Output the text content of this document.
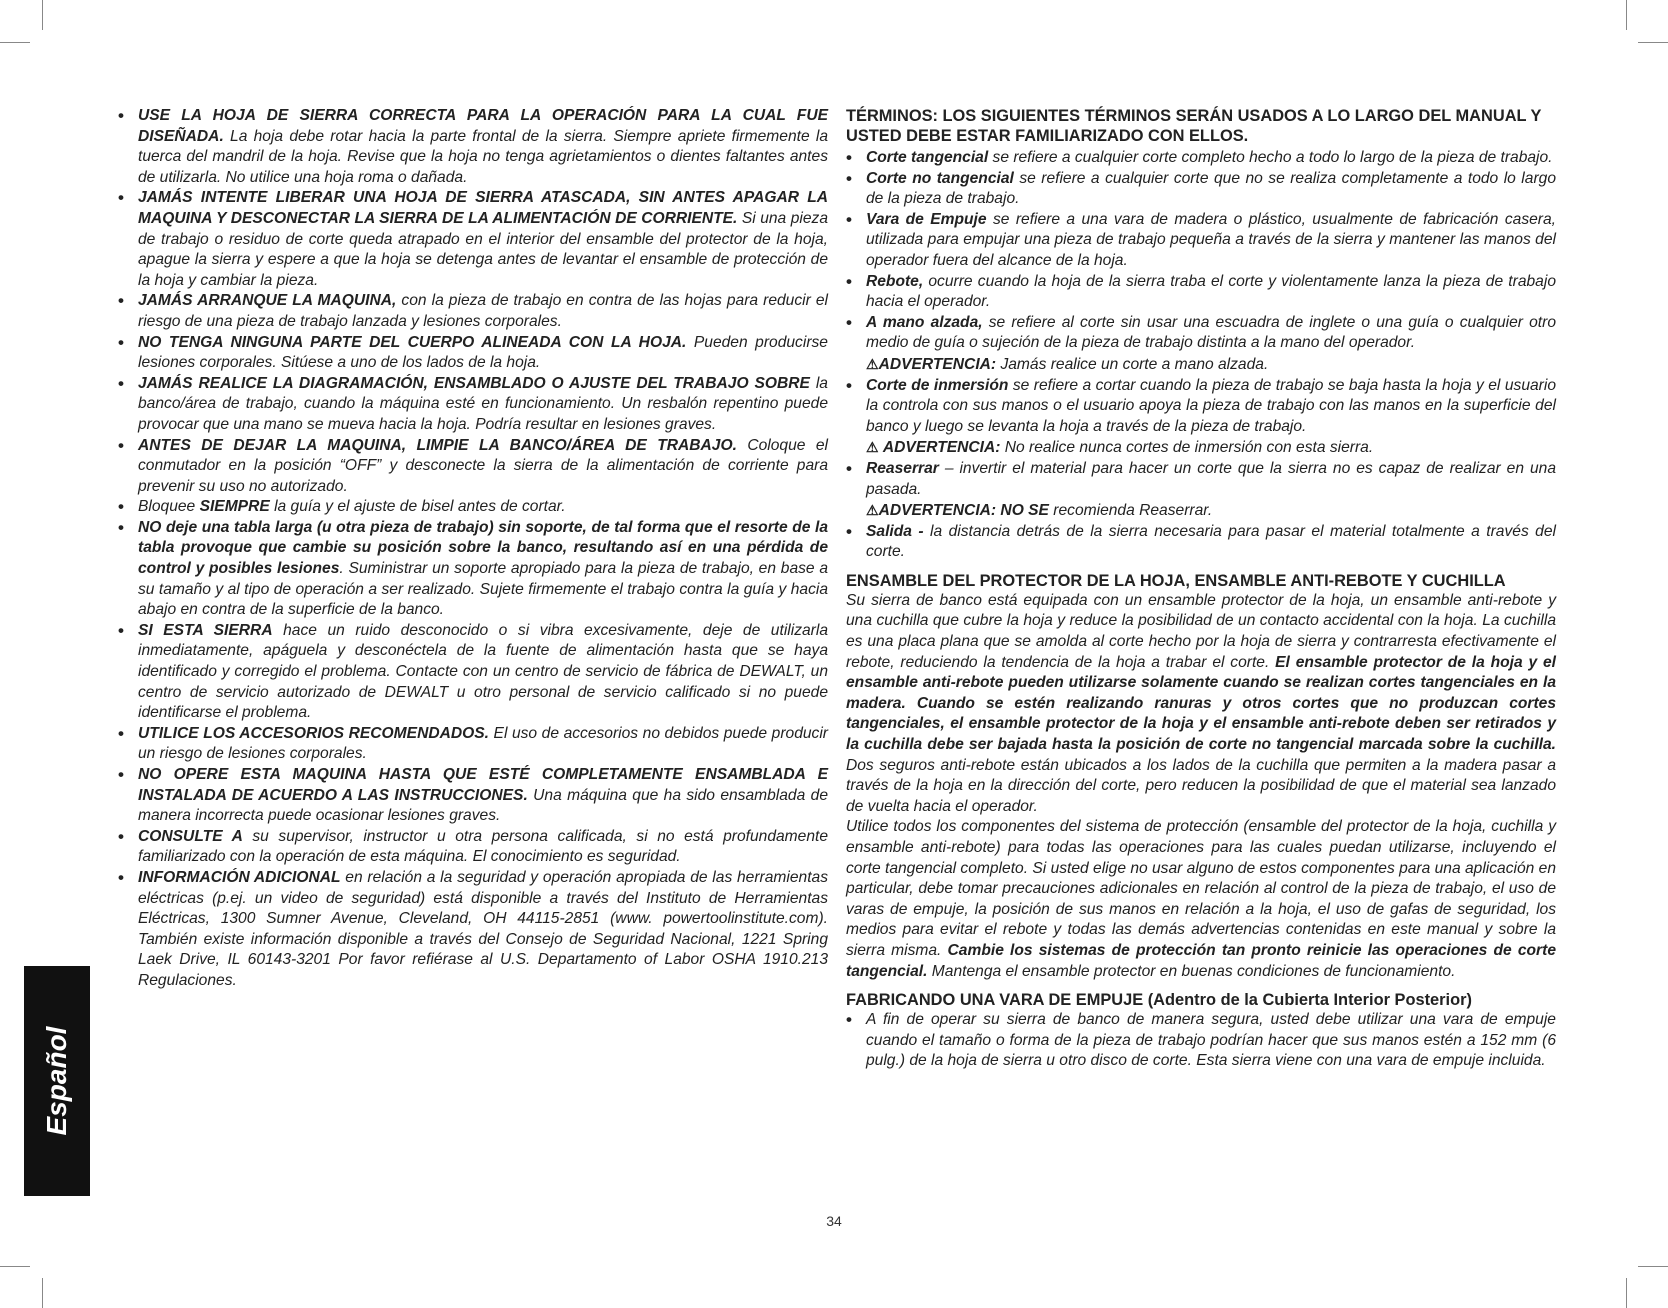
• USE LA HOJA DE SIERRA CORRECTA PARA LA OPERACIÓN PARA LA CUAL FUE DISEÑADA. La hoja debe rotar hacia la parte frontal de la sierra. Siempre apriete firmemente la tuerca del mandril de la hoja. Revise que la hoja no tenga agrietamientos o dientes faltantes antes de utilizarla. No utilice una hoja roma o dañada.
• JAMÁS INTENTE LIBERAR UNA HOJA DE SIERRA ATASCADA, SIN ANTES APAGAR LA MAQUINA Y DESCONECTAR LA SIERRA DE LA ALIMENTACIÓN DE CORRIENTE. Si una pieza de trabajo o residuo de corte queda atrapado en el interior del ensamble del protector de la hoja, apague la sierra y espere a que la hoja se detenga antes de levantar el ensamble de protección de la hoja y cambiar la pieza.
• JAMÁS ARRANQUE LA MAQUINA, con la pieza de trabajo en contra de las hojas para reducir el riesgo de una pieza de trabajo lanzada y lesiones corporales.
• NO TENGA NINGUNA PARTE DEL CUERPO ALINEADA CON LA HOJA. Pueden producirse lesiones corporales. Sitúese a uno de los lados de la hoja.
• JAMÁS REALICE LA DIAGRAMACIÓN, ENSAMBLADO O AJUSTE DEL TRABAJO SOBRE la banco/área de trabajo, cuando la máquina esté en funcionamiento. Un resbalón repentino puede provocar que una mano se mueva hacia la hoja. Podría resultar en lesiones graves.
• ANTES DE DEJAR LA MAQUINA, LIMPIE LA BANCO/ÁREA DE TRABAJO. Coloque el conmutador en la posición “OFF” y desconecte la sierra de la alimentación de corriente para prevenir su uso no autorizado.
• Bloquee SIEMPRE la guía y el ajuste de bisel antes de cortar.
• NO deje una tabla larga (u otra pieza de trabajo) sin soporte, de tal forma que el resorte de la tabla provoque que cambie su posición sobre la banco, resultando así en una pérdida de control y posibles lesiones. Suministrar un soporte apropiado para la pieza de trabajo, en base a su tamaño y al tipo de operación a ser realizado. Sujete firmemente el trabajo contra la guía y hacia abajo en contra de la superficie de la banco.
• SI ESTA SIERRA hace un ruido desconocido o si vibra excesivamente, deje de utilizarla inmediatamente, apáguela y desconéctela de la fuente de alimentación hasta que se haya identificado y corregido el problema. Contacte con un centro de servicio de fábrica de DEWALT, un centro de servicio autorizado de DEWALT u otro personal de servicio calificado si no puede identificarse el problema.
• UTILICE LOS ACCESORIOS RECOMENDADOS. El uso de accesorios no debidos puede producir un riesgo de lesiones corporales.
• NO OPERE ESTA MAQUINA HASTA QUE ESTÉ COMPLETAMENTE ENSAMBLADA E INSTALADA DE ACUERDO A LAS INSTRUCCIONES. Una máquina que ha sido ensamblada de manera incorrecta puede ocasionar lesiones graves.
• CONSULTE A su supervisor, instructor u otra persona calificada, si no está profundamente familiarizado con la operación de esta máquina. El conocimiento es seguridad.
• INFORMACIÓN ADICIONAL en relación a la seguridad y operación apropiada de las herramientas eléctricas (p.ej. un video de seguridad) está disponible a través del Instituto de Herramientas Eléctricas, 1300 Sumner Avenue, Cleveland, OH 44115-2851 (www. powertoolinstitute.com). También existe información disponible a través del Consejo de Seguridad Nacional, 1221 Spring Laek Drive, IL 60143-3201 Por favor refiérase al U.S. Departamento of Labor OSHA 1910.213 Regulaciones.

TÉRMINOS: LOS SIGUIENTES TÉRMINOS SERÁN USADOS A LO LARGO DEL MANUAL Y USTED DEBE ESTAR FAMILIARIZADO CON ELLOS.

• Corte tangencial se refiere a cualquier corte completo hecho a todo lo largo de la pieza de trabajo.
• Corte no tangencial se refiere a cualquier corte que no se realiza completamente a todo lo largo de la pieza de trabajo.
• Vara de Empuje se refiere a una vara de madera o plástico, usualmente de fabricación casera, utilizada para empujar una pieza de trabajo pequeña a través de la sierra y mantener las manos del operador fuera del alcance de la hoja.
• Rebote, ocurre cuando la hoja de la sierra traba el corte y violentamente lanza la pieza de trabajo hacia el operador.
• A mano alzada, se refiere al corte sin usar una escuadra de inglete o una guía o cualquier otro medio de guía o sujeción de la pieza de trabajo distinta a la mano del operador.
⚠ADVERTENCIA: Jamás realice un corte a mano alzada.
• Corte de inmersión se refiere a cortar cuando la pieza de trabajo se baja hasta la hoja y el usuario la controla con sus manos o el usuario apoya la pieza de trabajo con las manos en la superficie del banco y luego se levanta la hoja a través de la pieza de trabajo.
⚠ ADVERTENCIA: No realice nunca cortes de inmersión con esta sierra.
• Reaserrar – invertir el material para hacer un corte que la sierra no es capaz de realizar en una pasada.
⚠ADVERTENCIA: NO SE recomienda Reaserrar.
• Salida - la distancia detrás de la sierra necesaria para pasar el material totalmente a través del corte.

ENSAMBLE DEL PROTECTOR DE LA HOJA, ENSAMBLE ANTI-REBOTE Y CUCHILLA

Su sierra de banco está equipada con un ensamble protector de la hoja, un ensamble anti-rebote y una cuchilla que cubre la hoja y reduce la posibilidad de un contacto accidental con la hoja. La cuchilla es una placa plana que se amolda al corte hecho por la hoja de sierra y contrarresta efectivamente el rebote, reduciendo la tendencia de la hoja a trabar el corte. El ensamble protector de la hoja y el ensamble anti-rebote pueden utilizarse solamente cuando se realizan cortes tangenciales en la madera. Cuando se estén realizando ranuras y otros cortes que no produzcan cortes tangenciales, el ensamble protector de la hoja y el ensamble anti-rebote deben ser retirados y la cuchilla debe ser bajada hasta la posición de corte no tangencial marcada sobre la cuchilla. Dos seguros anti-rebote están ubicados a los lados de la cuchilla que permiten a la madera pasar a través de la hoja en la dirección del corte, pero reducen la posibilidad de que el material sea lanzado de vuelta hacia el operador.

Utilice todos los componentes del sistema de protección (ensamble del protector de la hoja, cuchilla y ensamble anti-rebote) para todas las operaciones para las cuales puedan utilizarse, incluyendo el corte tangencial completo. Si usted elige no usar alguno de estos componentes para una aplicación en particular, debe tomar precauciones adicionales en relación al control de la pieza de trabajo, el uso de varas de empuje, la posición de sus manos en relación a la hoja, el uso de gafas de seguridad, los medios para evitar el rebote y todas las demás advertencias contenidas en este manual y sobre la sierra misma. Cambie los sistemas de protección tan pronto reinicie las operaciones de corte tangencial. Mantenga el ensamble protector en buenas condiciones de funcionamiento.

FABRICANDO UNA VARA DE EMPUJE (Adentro de la Cubierta Interior Posterior)

• A fin de operar su sierra de banco de manera segura, usted debe utilizar una vara de empuje cuando el tamaño o forma de la pieza de trabajo podrían hacer que sus manos estén a 152 mm (6 pulg.) de la hoja de sierra u otro disco de corte. Esta sierra viene con una vara de empuje incluida.
Español
34
